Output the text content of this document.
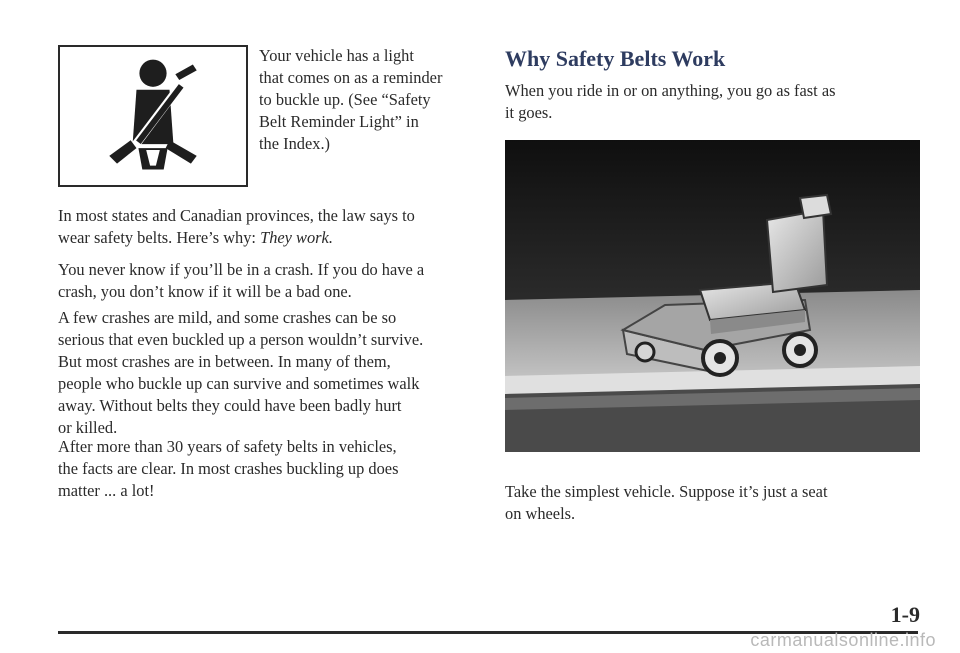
Your vehicle has a light
that comes on as a reminder
to buckle up. (See “Safety
Belt Reminder Light” in
the Index.)
In most states and Canadian provinces, the law says to
wear safety belts. Here’s why: They work.
You never know if you’ll be in a crash. If you do have a
crash, you don’t know if it will be a bad one.
A few crashes are mild, and some crashes can be so
serious that even buckled up a person wouldn’t survive.
But most crashes are in between. In many of them,
people who buckle up can survive and sometimes walk
away. Without belts they could have been badly hurt
or killed.
After more than 30 years of safety belts in vehicles,
the facts are clear. In most crashes buckling up does
matter ... a lot!
Why Safety Belts Work
When you ride in or on anything, you go as fast as
it goes.
Take the simplest vehicle. Suppose it’s just a seat
on wheels.

1-9

carmanualsonline.info
